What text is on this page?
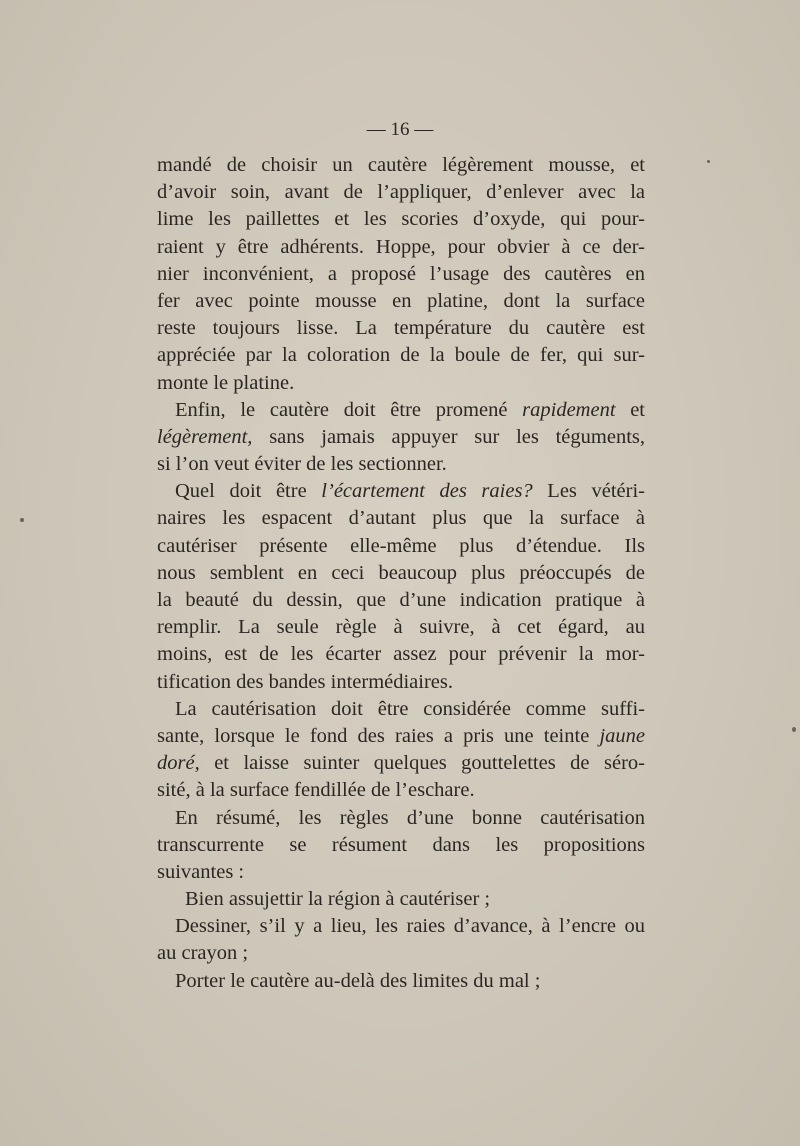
— 16 —
mandé de choisir un cautère légèrement mousse, et
d’avoir soin, avant de l’appliquer, d’enlever avec la
lime les paillettes et les scories d’oxyde, qui pour-
raient y être adhérents. Hoppe, pour obvier à ce der-
nier inconvénient, a proposé l’usage des cautères en
fer avec pointe mousse en platine, dont la surface
reste toujours lisse. La température du cautère est
appréciée par la coloration de la boule de fer, qui sur-
monte le platine.
Enfin, le cautère doit être promené rapidement et
légèrement, sans jamais appuyer sur les téguments,
si l’on veut éviter de les sectionner.
Quel doit être l’écartement des raies? Les vétéri-
naires les espacent d’autant plus que la surface à
cautériser présente elle-même plus d’étendue. Ils
nous semblent en ceci beaucoup plus préoccupés de
la beauté du dessin, que d’une indication pratique à
remplir. La seule règle à suivre, à cet égard, au
moins, est de les écarter assez pour prévenir la mor-
tification des bandes intermédiaires.
La cautérisation doit être considérée comme suffi-
sante, lorsque le fond des raies a pris une teinte jaune
doré, et laisse suinter quelques gouttelettes de séro-
sité, à la surface fendillée de l’eschare.
En résumé, les règles d’une bonne cautérisation
transcurrente se résument dans les propositions
suivantes :
Bien assujettir la région à cautériser ;
Dessiner, s’il y a lieu, les raies d’avance, à l’encre ou
au crayon ;
Porter le cautère au-delà des limites du mal ;
